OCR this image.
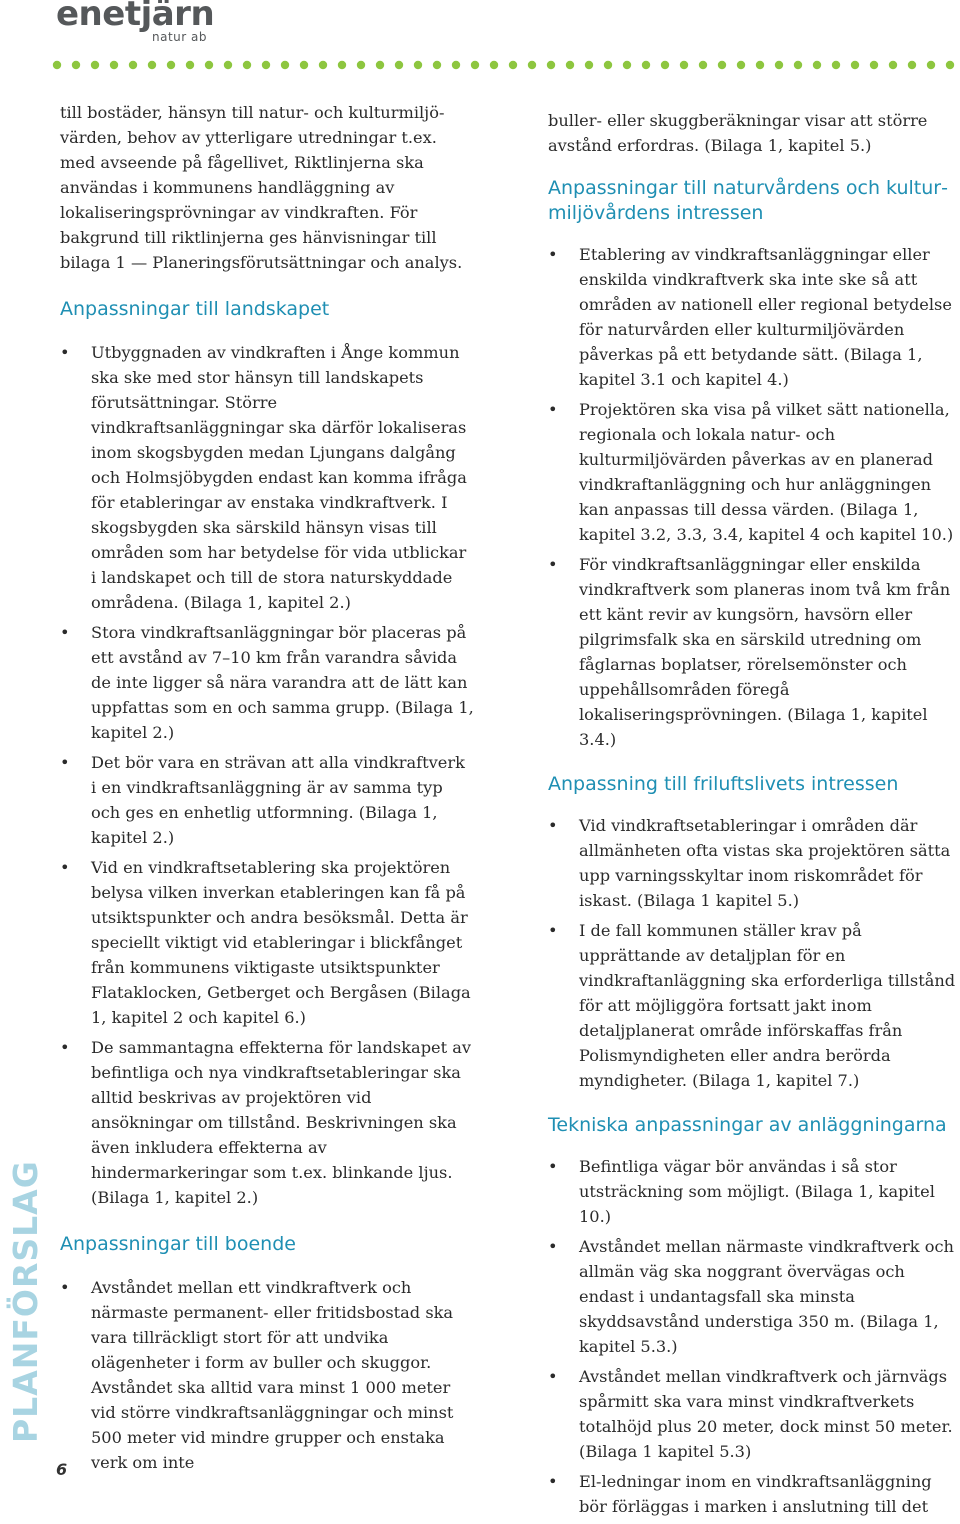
enetjärn
natur ab

till bostäder, hänsyn till natur- och kulturmiljövärden, behov av ytterligare utredningar t.ex. med avseende på fågellivet, Riktlinjerna ska användas i kommunens handläggning av lokaliseringsprövningar av vindkraften. För bakgrund till riktlinjerna ges hänvisningar till bilaga 1 — Planeringsförutsättningar och analys.

Anpassningar till landskapet
• Utbyggnaden av vindkraften i Ånge kommun ska ske med stor hänsyn till landskapets förutsättningar. Större vindkraftsanläggningar ska därför lokaliseras inom skogsbygden medan Ljungans dalgång och Holmsjöbygden endast kan komma ifråga för etableringar av enstaka vindkraftverk. I skogsbygden ska särskild hänsyn visas till områden som har betydelse för vida utblickar i landskapet och till de stora naturskyddade områdena. (Bilaga 1, kapitel 2.)
• Stora vindkraftsanläggningar bör placeras på ett avstånd av 7–10 km från varandra såvida de inte ligger så nära varandra att de lätt kan uppfattas som en och samma grupp. (Bilaga 1, kapitel 2.)
• Det bör vara en strävan att alla vindkraftverk i en vindkraftsanläggning är av samma typ och ges en enhetlig utformning. (Bilaga 1, kapitel 2.)
• Vid en vindkraftsetablering ska projektören belysa vilken inverkan etableringen kan få på utsiktspunkter och andra besöksmål. Detta är speciellt viktigt vid etableringar i blickfånget från kommunens viktigaste utsiktspunkter Flataklocken, Getberget och Bergåsen (Bilaga 1, kapitel 2 och kapitel 6.)
• De sammantagna effekterna för landskapet av befintliga och nya vindkraftsetableringar ska alltid beskrivas av projektören vid ansökningar om tillstånd. Beskrivningen ska även inkludera effekterna av hindermarkeringar som t.ex. blinkande ljus. (Bilaga 1, kapitel 2.)
Anpassningar till boende
• Avståndet mellan ett vindkraftverk och närmaste permanent- eller fritidsbostad ska vara tillräckligt stort för att undvika olägenheter i form av buller och skuggor. Avståndet ska alltid vara minst 1 000 meter vid större vindkraftsanläggningar och minst 500 meter vid mindre grupper och enstaka verk om inte

buller- eller skuggberäkningar visar att större avstånd erfordras. (Bilaga 1, kapitel 5.)

Anpassningar till naturvårdens och kulturmiljövårdens intressen
• Etablering av vindkraftsanläggningar eller enskilda vindkraftverk ska inte ske så att områden av nationell eller regional betydelse för naturvården eller kulturmiljövärden påverkas på ett betydande sätt. (Bilaga 1, kapitel 3.1 och kapitel 4.)
• Projektören ska visa på vilket sätt nationella, regionala och lokala natur- och kulturmiljövärden påverkas av en planerad vindkraftanläggning och hur anläggningen kan anpassas till dessa värden. (Bilaga 1, kapitel 3.2, 3.3, 3.4, kapitel 4 och kapitel 10.)
• För vindkraftsanläggningar eller enskilda vindkraftverk som planeras inom två km från ett känt revir av kungsörn, havsörn eller pilgrimsfalk ska en särskild utredning om fåglarnas boplatser, rörelsemönster och uppehållsområden föregå lokaliseringsprövningen. (Bilaga 1, kapitel 3.4.)
Anpassning till friluftslivets intressen
• Vid vindkraftsetableringar i områden där allmänheten ofta vistas ska projektören sätta upp varningsskyltar inom riskområdet för iskast. (Bilaga 1 kapitel 5.)
• I de fall kommunen ställer krav på upprättande av detaljplan för en vindkraftanläggning ska erforderliga tillstånd för att möjliggöra fortsatt jakt inom detaljplanerat område införskaffas från Polismyndigheten eller andra berörda myndigheter. (Bilaga 1, kapitel 7.)
Tekniska anpassningar av anläggningarna
• Befintliga vägar bör användas i så stor utsträckning som möjligt. (Bilaga 1, kapitel 10.)
• Avståndet mellan närmaste vindkraftverk och allmän väg ska noggrant övervägas och endast i undantagsfall ska minsta skyddsavstånd understiga 350 m. (Bilaga 1, kapitel 5.3.)
• Avståndet mellan vindkraftverk och järnvägs spårmitt ska vara minst vindkraftverkets totalhöjd plus 20 meter, dock minst 50 meter. (Bilaga 1 kapitel 5.3)
• El-ledningar inom en vindkraftsanläggning bör förläggas i marken i anslutning till det
PLANFÖRSLAG
6
